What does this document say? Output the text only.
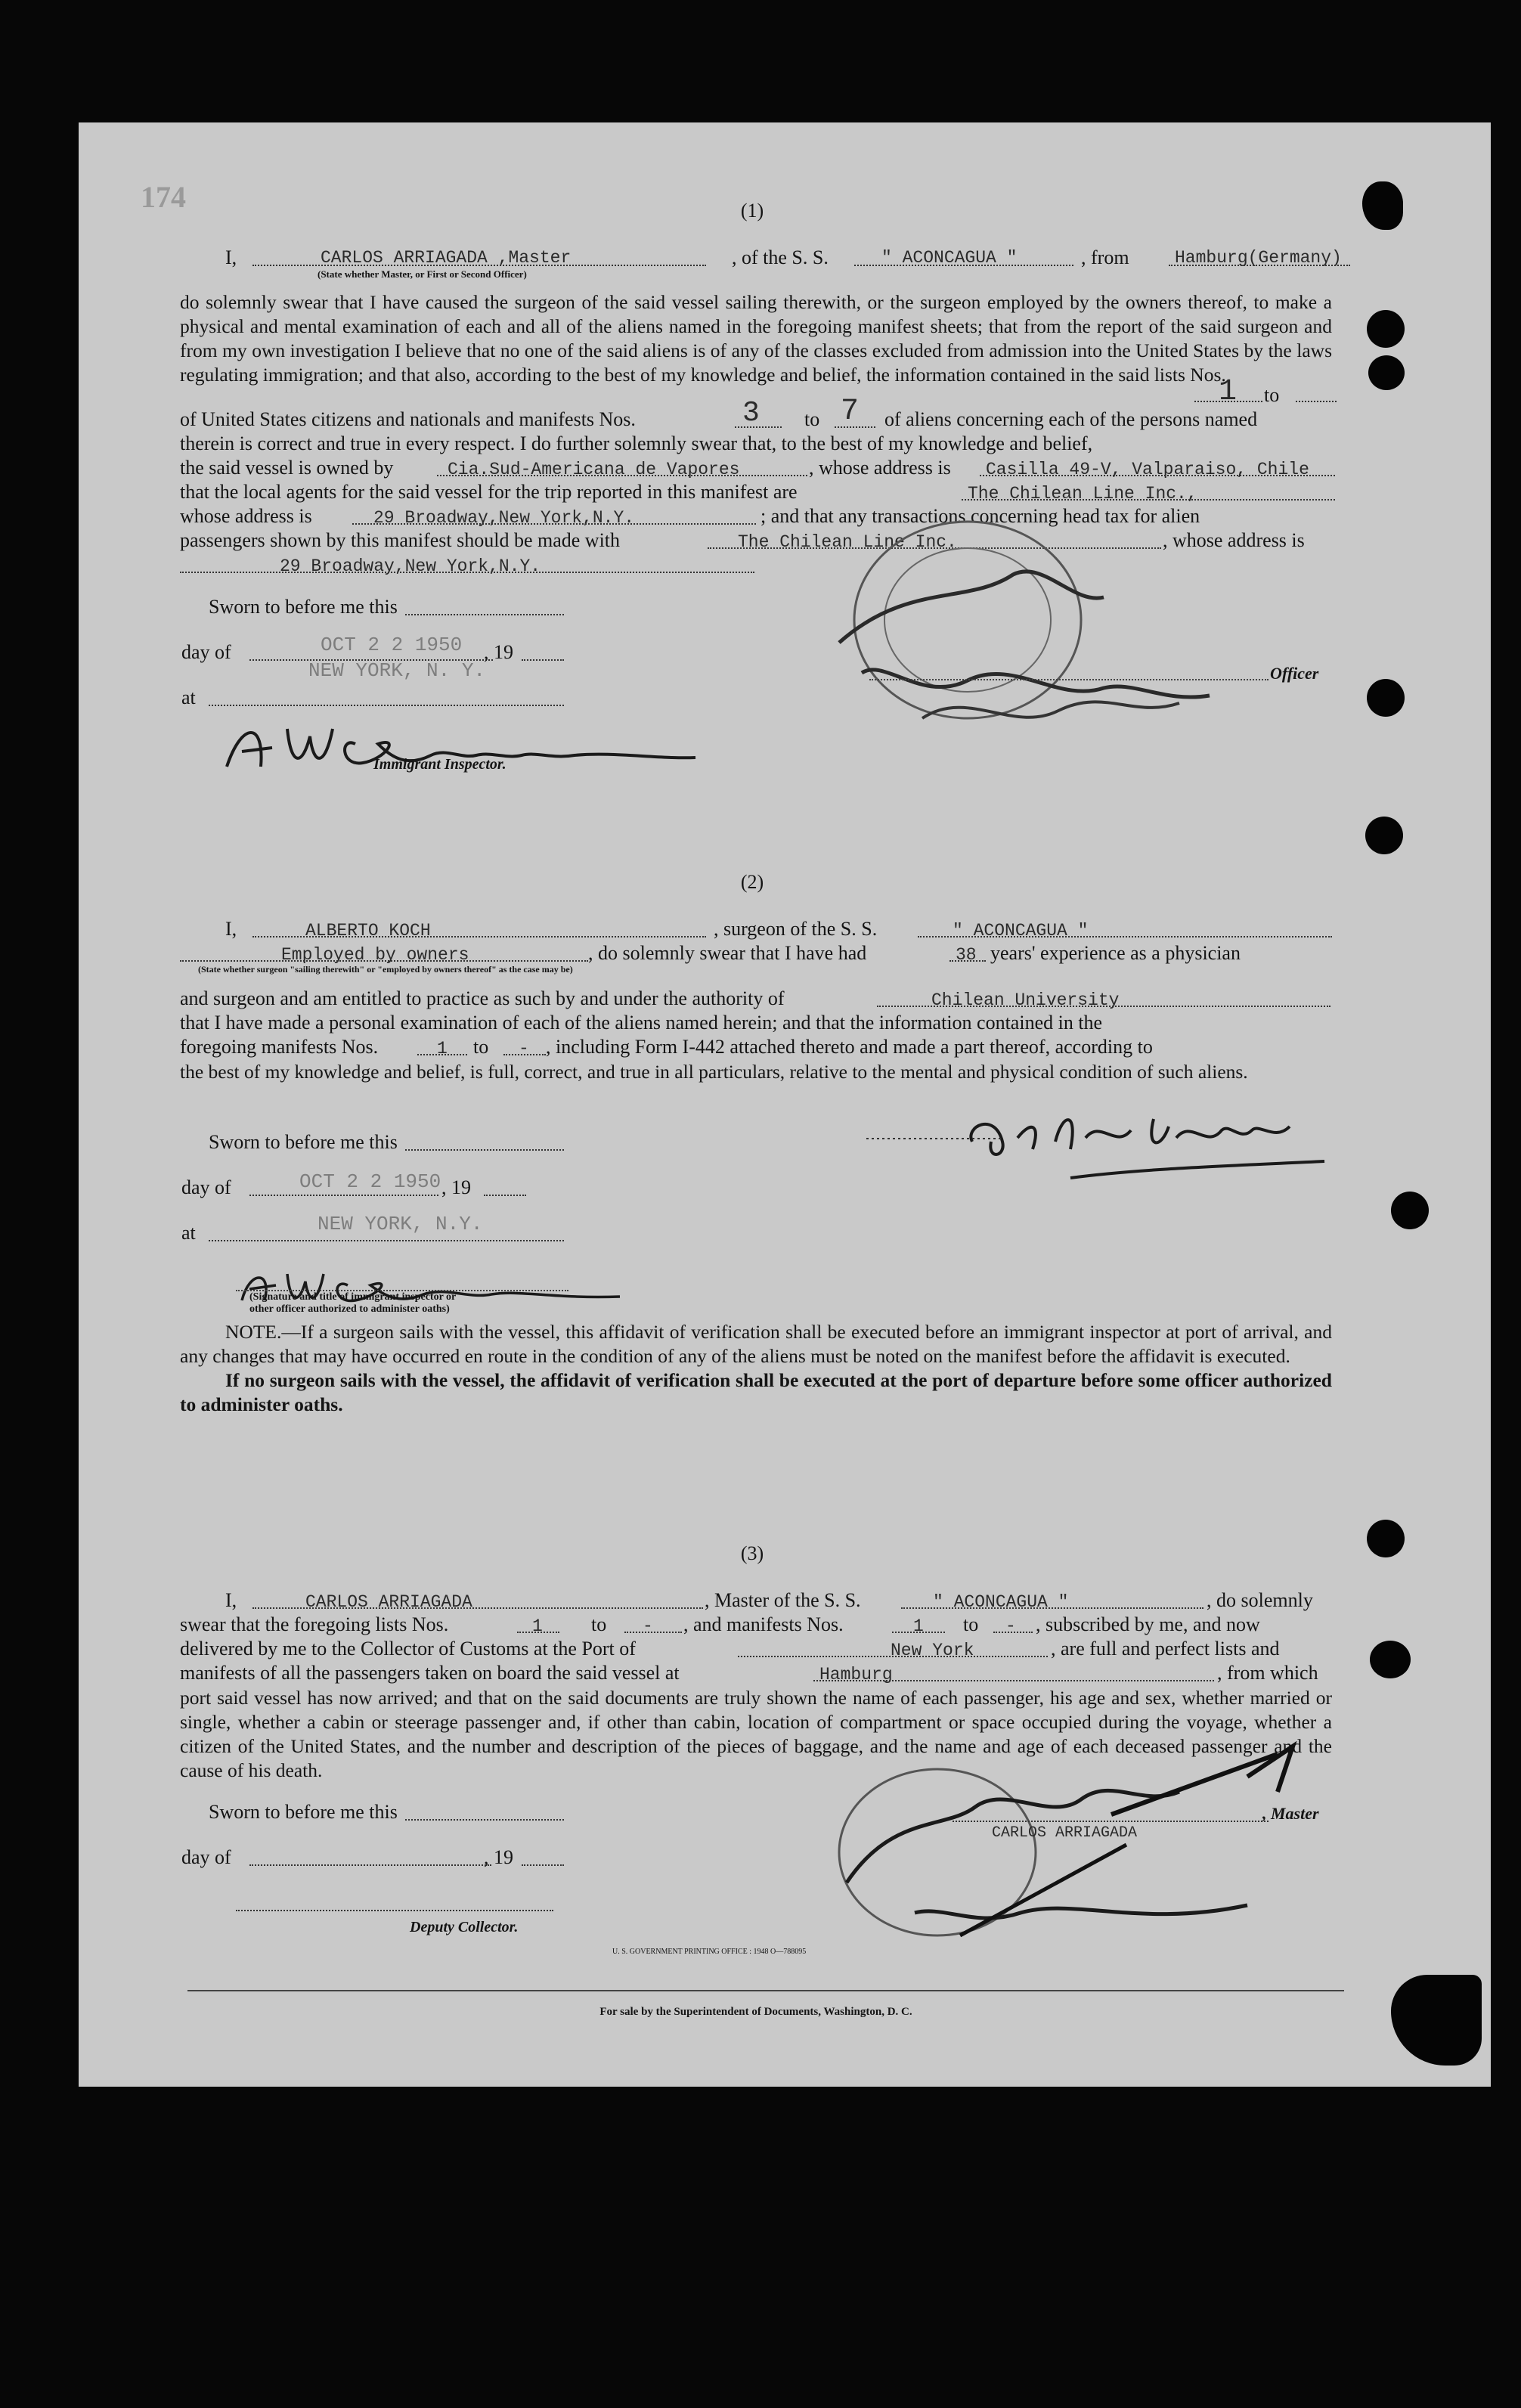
174	(1)
I,	CARLOS ARRIAGADA ,Master
(State whether Master, or First or Second Officer)
, of the S. S.	" ACONCAGUA "	, from	Hamburg(Germany)

do solemnly swear that I have caused the surgeon of the said vessel sailing therewith, or the surgeon employed by the owners thereof, to make a physical and mental examination of each and all of the aliens named in the foregoing manifest sheets; that from the report of the said surgeon and from my own investigation I believe that no one of the said aliens is of any of the classes excluded from admission into the United States by the laws regulating immigration; and that also, according to the best of my knowledge and belief, the information contained in the said lists Nos.

1 to
of United States citizens and nationals and manifests Nos.	3 to 7 of aliens concerning each of the persons named
therein is correct and true in every respect. I do further solemnly swear that, to the best of my knowledge and belief,
the said vessel is owned by	Cia.Sud-Americana de Vapores	, whose address is Casilla 49-V, Valparaiso, Chile
that the local agents for the said vessel for the trip reported in this manifest are	The Chilean Line Inc.,
whose address is	29 Broadway,New York,N.Y.	; and that any transactions concerning head tax for alien
passengers shown by this manifest should be made with	The Chilean Line Inc.	, whose address is
29 Broadway,New York,N.Y.
Sworn to before me this
day of	OCT 2 2 1950 , 19
NEW YORK, N. Y.
at
Immigrant Inspector.
Officer
(2)
I,	ALBERTO KOCH	, surgeon of the S. S.	" ACONCAGUA "
Employed by owners	, do solemnly swear that I have had	38 years' experience as a physician
(State whether surgeon "sailing therewith" or "employed by owners thereof" as the case may be)
and surgeon and am entitled to practice as such by and under the authority of	Chilean University
that I have made a personal examination of each of the aliens named herein; and that the information contained in the
foregoing manifests Nos.	1 to - , including Form I-442 attached thereto and made a part thereof, according to

the best of my knowledge and belief, is full, correct, and true in all particulars, relative to the mental and physical condition of such aliens.

Sworn to before me this
day of	OCT 2 2 1950 , 19
at	NEW YORK, N.Y.
(Signature and title of immigrant inspector or
other officer authorized to administer oaths)

NOTE.—If a surgeon sails with the vessel, this affidavit of verification shall be executed before an immigrant inspector at port of arrival, and any changes that may have occurred en route in the condition of any of the aliens must be noted on the manifest before the affidavit is executed.

If no surgeon sails with the vessel, the affidavit of verification shall be executed at the port of departure before some officer authorized to administer oaths.

(3)
I,	CARLOS ARRIAGADA	, Master of the S. S.	" ACONCAGUA "	, do solemnly
swear that the foregoing lists Nos.	1 to - , and manifests Nos.	1 to - , subscribed by me, and now
delivered by me to the Collector of Customs at the Port of	New York	, are full and perfect lists and
manifests of all the passengers taken on board the said vessel at	Hamburg	, from which

port said vessel has now arrived; and that on the said documents are truly shown the name of each passenger, his age and sex, whether married or single, whether a cabin or steerage passenger and, if other than cabin, location of compartment or space occupied during the voyage, whether a citizen of the United States, and the number and description of the pieces of baggage, and the name and age of each deceased passenger and the cause of his death.

Sworn to before me this
day of	, 19
Deputy Collector.
CARLOS ARRIAGADA
, Master
U. S. GOVERNMENT PRINTING OFFICE : 1948 O—788095
For sale by the Superintendent of Documents, Washington, D. C.
